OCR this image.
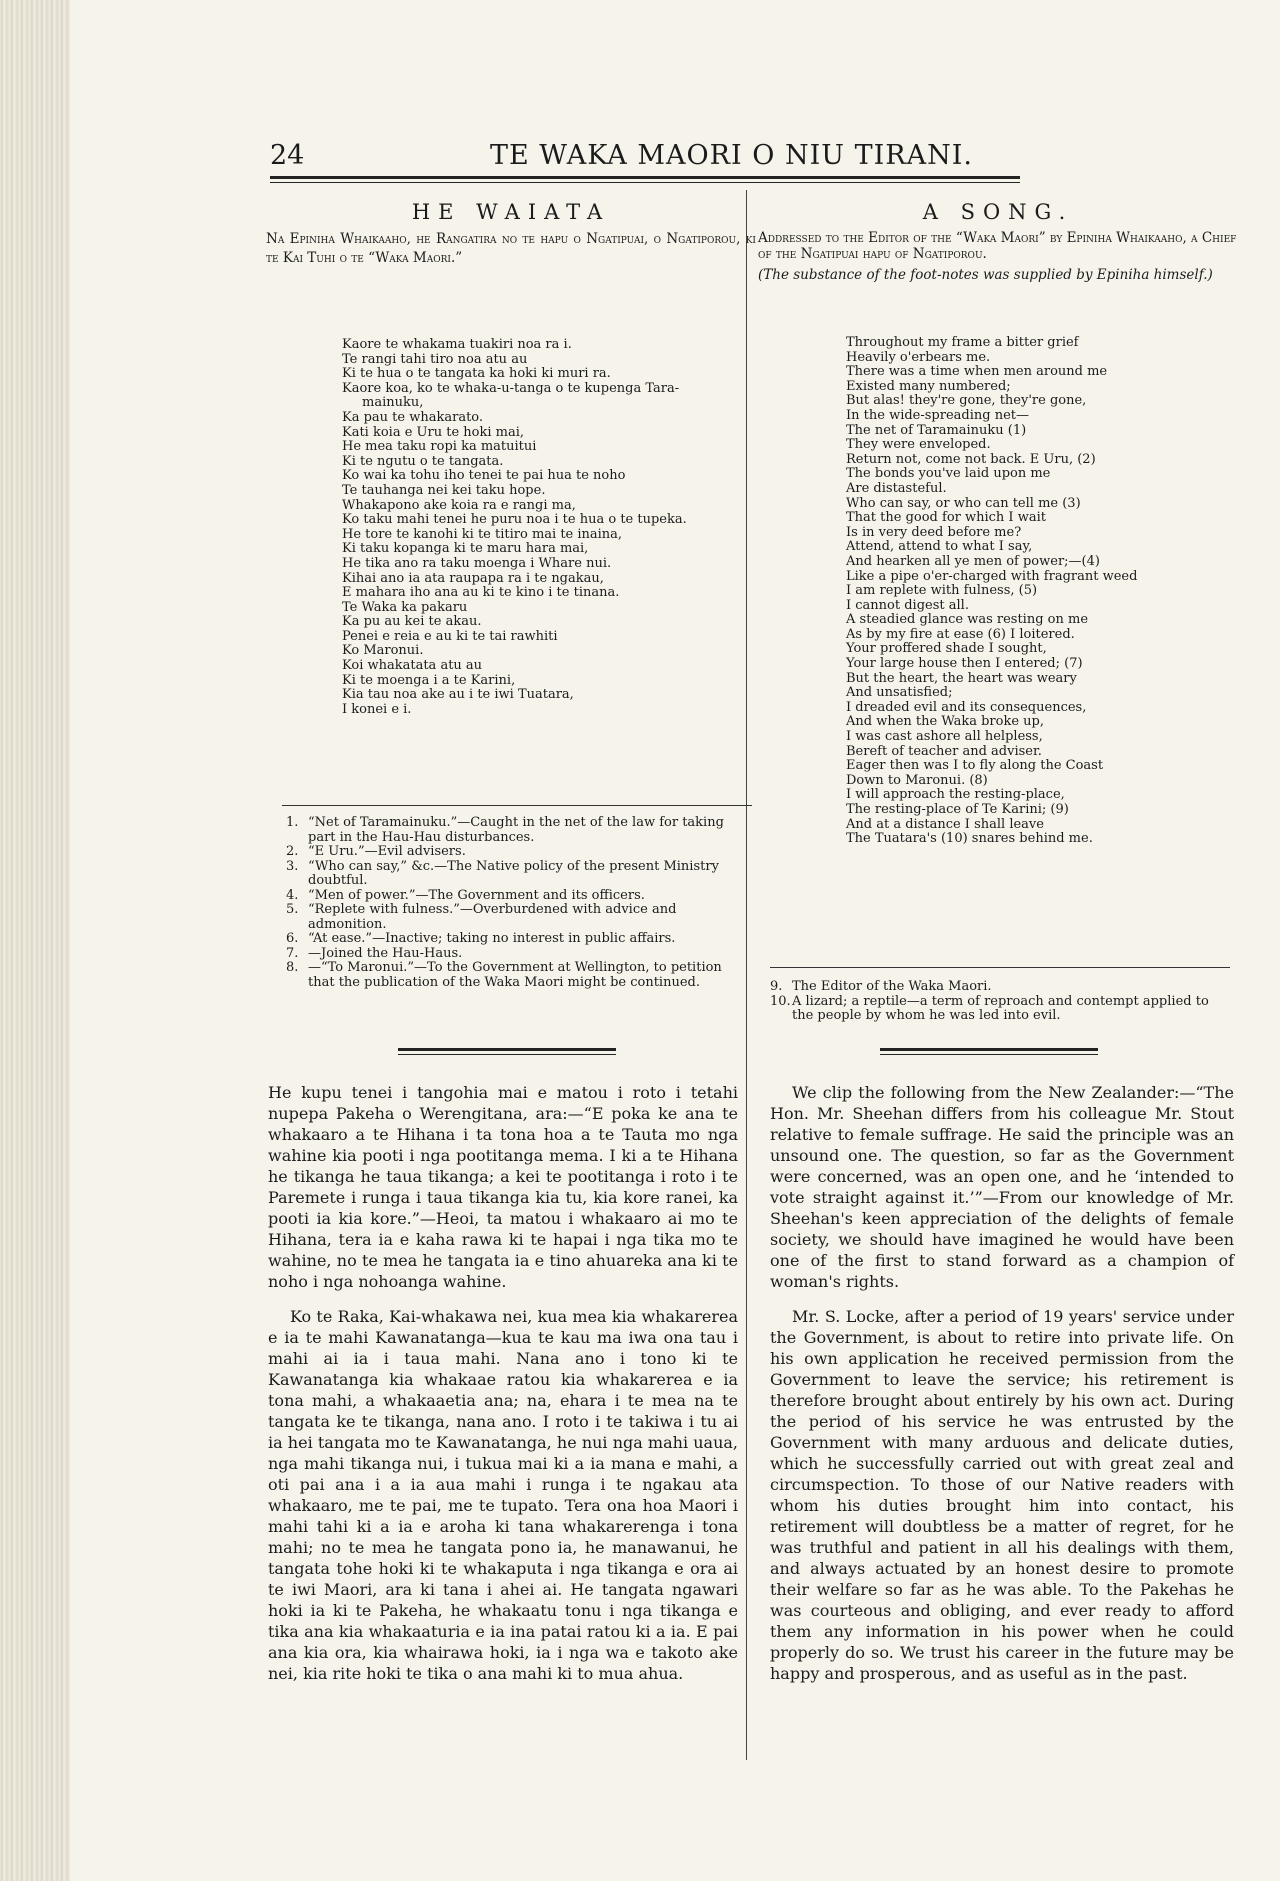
24	TE WAKA MAORI O NIU TIRANI.
HE WAIATA

Na Epiniha Whaikaaho, he Rangatira no te hapu o Ngatipuai, o Ngatiporou, ki te Kai Tuhi o te “Waka Maori.”

Kaore te whakama tuakiri noa ra i.
Te rangi tahi tiro noa atu au
Ki te hua o te tangata ka hoki ki muri ra.
Kaore koa, ko te whaka-u-tanga o te kupenga Tara-
mainuku,
Ka pau te whakarato.
Kati koia e Uru te hoki mai,
He mea taku ropi ka matuitui
Ki te ngutu o te tangata.
Ko wai ka tohu iho tenei te pai hua te noho
Te tauhanga nei kei taku hope.
Whakapono ake koia ra e rangi ma,
Ko taku mahi tenei he puru noa i te hua o te tupeka.
He tore te kanohi ki te titiro mai te inaina,
Ki taku kopanga ki te maru hara mai,
He tika ano ra taku moenga i Whare nui.
Kihai ano ia ata raupapa ra i te ngakau,
E mahara iho ana au ki te kino i te tinana.
Te Waka ka pakaru
Ka pu au kei te akau.
Penei e reia e au ki te tai rawhiti
Ko Maronui.
Koi whakatata atu au
Ki te moenga i a te Karini,
Kia tau noa ake au i te iwi Tuatara,
I konei e i.
1. “Net of Taramainuku.”—Caught in the net of the law for taking part in the Hau-Hau disturbances.
2. “E Uru.”—Evil advisers.
3. “Who can say,” &c.—The Native policy of the present Ministry doubtful.
4. “Men of power.”—The Government and its officers.
5. “Replete with fulness.”—Overburdened with advice and admonition.
6. “At ease.”—Inactive; taking no interest in public affairs.
7. —Joined the Hau-Haus.
8. —“To Maronui.”—To the Government at Wellington, to petition that the publication of the Waka Maori might be continued.
A SONG.

Addressed to the Editor of the “Waka Maori” by Epiniha Whaikaaho, a Chief of the Ngatipuai hapu of Ngatiporou.

(The substance of the foot-notes was supplied by Epiniha himself.)

Throughout my frame a bitter grief
Heavily o'erbears me.
There was a time when men around me
Existed many numbered;
But alas! they're gone, they're gone,
In the wide-spreading net—
The net of Taramainuku (1)
They were enveloped.
Return not, come not back. E Uru, (2)
The bonds you've laid upon me
Are distasteful.
Who can say, or who can tell me (3)
That the good for which I wait
Is in very deed before me?
Attend, attend to what I say,
And hearken all ye men of power;—(4)
Like a pipe o'er-charged with fragrant weed
I am replete with fulness, (5)
I cannot digest all.
A steadied glance was resting on me
As by my fire at ease (6) I loitered.
Your proffered shade I sought,
Your large house then I entered; (7)
But the heart, the heart was weary
And unsatisfied;
I dreaded evil and its consequences,
And when the Waka broke up,
I was cast ashore all helpless,
Bereft of teacher and adviser.
Eager then was I to fly along the Coast
Down to Maronui. (8)
I will approach the resting-place,
The resting-place of Te Karini; (9)
And at a distance I shall leave
The Tuatara's (10) snares behind me.
9. The Editor of the Waka Maori.
10. A lizard; a reptile—a term of reproach and contempt applied to the people by whom he was led into evil.

He kupu tenei i tangohia mai e matou i roto i tetahi nupepa Pakeha o Werengitana, ara:—“E poka ke ana te whakaaro a te Hihana i ta tona hoa a te Tauta mo nga wahine kia pooti i nga pootitanga mema. I ki a te Hihana he tikanga he taua tikanga; a kei te pootitanga i roto i te Paremete i runga i taua tikanga kia tu, kia kore ranei, ka pooti ia kia kore.”—Heoi, ta matou i whakaaro ai mo te Hihana, tera ia e kaha rawa ki te hapai i nga tika mo te wahine, no te mea he tangata ia e tino ahuareka ana ki te noho i nga nohoanga wahine.

Ko te Raka, Kai-whakawa nei, kua mea kia whakarerea e ia te mahi Kawanatanga—kua te kau ma iwa ona tau i mahi ai ia i taua mahi. Nana ano i tono ki te Kawanatanga kia whakaae ratou kia whakarerea e ia tona mahi, a whakaaetia ana; na, ehara i te mea na te tangata ke te tikanga, nana ano. I roto i te takiwa i tu ai ia hei tangata mo te Kawanatanga, he nui nga mahi uaua, nga mahi tikanga nui, i tukua mai ki a ia mana e mahi, a oti pai ana i a ia aua mahi i runga i te ngakau ata whakaaro, me te pai, me te tupato. Tera ona hoa Maori i mahi tahi ki a ia e aroha ki tana whakarerenga i tona mahi; no te mea he tangata pono ia, he manawanui, he tangata tohe hoki ki te whakaputa i nga tikanga e ora ai te iwi Maori, ara ki tana i ahei ai. He tangata ngawari hoki ia ki te Pakeha, he whakaatu tonu i nga tikanga e tika ana kia whakaaturia e ia ina patai ratou ki a ia. E pai ana kia ora, kia whairawa hoki, ia i nga wa e takoto ake nei, kia rite hoki te tika o ana mahi ki to mua ahua.

We clip the following from the New Zealander:—“The Hon. Mr. Sheehan differs from his colleague Mr. Stout relative to female suffrage. He said the principle was an unsound one. The question, so far as the Government were concerned, was an open one, and he ‘intended to vote straight against it.’”—From our knowledge of Mr. Sheehan's keen appreciation of the delights of female society, we should have imagined he would have been one of the first to stand forward as a champion of woman's rights.

Mr. S. Locke, after a period of 19 years' service under the Government, is about to retire into private life. On his own application he received permission from the Government to leave the service; his retirement is therefore brought about entirely by his own act. During the period of his service he was entrusted by the Government with many arduous and delicate duties, which he successfully carried out with great zeal and circumspection. To those of our Native readers with whom his duties brought him into contact, his retirement will doubtless be a matter of regret, for he was truthful and patient in all his dealings with them, and always actuated by an honest desire to promote their welfare so far as he was able. To the Pakehas he was courteous and obliging, and ever ready to afford them any information in his power when he could properly do so. We trust his career in the future may be happy and prosperous, and as useful as in the past.
